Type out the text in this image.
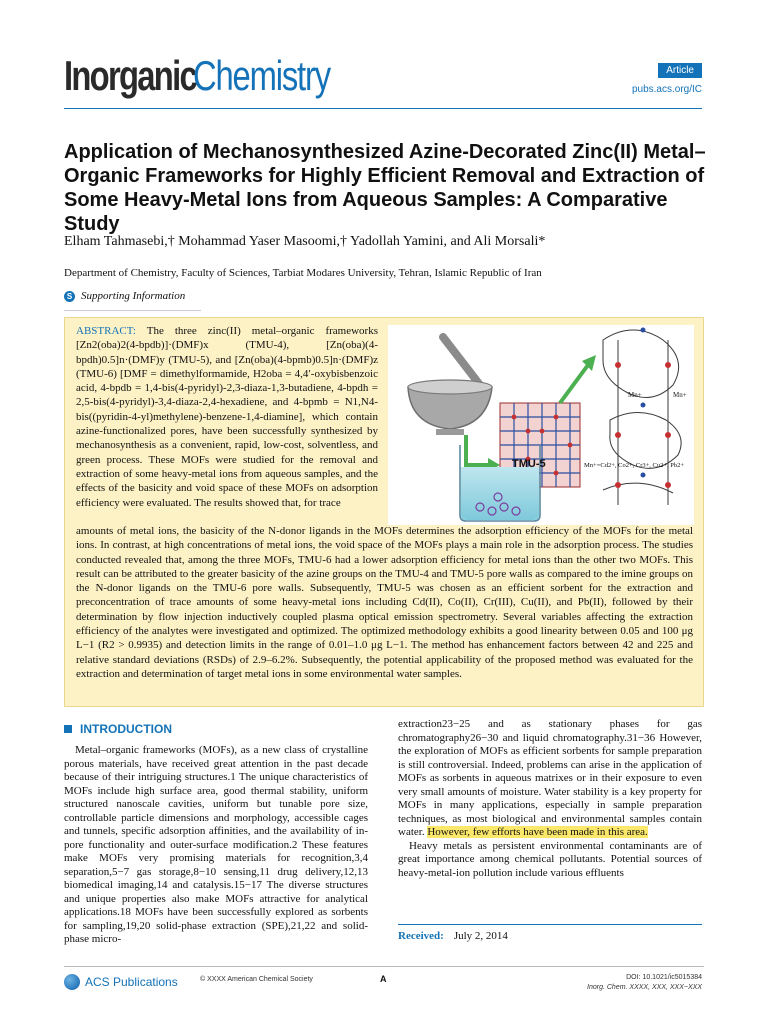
Inorganic
Chemistry	Article
pubs.acs.org/IC
Application of Mechanosynthesized Azine-Decorated Zinc(II) Metal–Organic Frameworks for Highly Efficient Removal and Extraction of Some Heavy-Metal Ions from Aqueous Samples: A Comparative Study
Elham Tahmasebi,† Mohammad Yaser Masoomi,† Yadollah Yamini, and Ali Morsali*
Department of Chemistry, Faculty of Sciences, Tarbiat Modares University, Tehran, Islamic Republic of Iran
S Supporting Information
ABSTRACT: The three zinc(II) metal–organic frameworks [Zn2(oba)2(4-bpdb)]·(DMF)x (TMU-4), [Zn(oba)(4-bpdh)0.5]n·(DMF)y (TMU-5), and [Zn(oba)(4-bpmb)0.5]n·(DMF)z (TMU-6) [DMF = dimethylformamide, H2oba = 4,4′-oxybisbenzoic acid, 4-bpdb = 1,4-bis(4-pyridyl)-2,3-diaza-1,3-butadiene, 4-bpdh = 2,5-bis(4-pyridyl)-3,4-diaza-2,4-hexadiene, and 4-bpmb = N1,N4-bis((pyridin-4-yl)methylene)-benzene-1,4-diamine], which contain azine-functionalized pores, have been successfully synthesized by mechanosynthesis as a convenient, rapid, low-cost, solventless, and green process. These MOFs were studied for the removal and extraction of some heavy-metal ions from aqueous samples, and the effects of the basicity and void space of these MOFs on adsorption efficiency were evaluated. The results showed that, for trace
Mn+	Mn+
TMU-5	Mn+=Cd2+, Co2+, Cr3+, Cu2+, Pb2+
amounts of metal ions, the basicity of the N-donor ligands in the MOFs determines the adsorption efficiency of the MOFs for the metal ions. In contrast, at high concentrations of metal ions, the void space of the MOFs plays a main role in the adsorption process. The studies conducted revealed that, among the three MOFs, TMU-6 had a lower adsorption efficiency for metal ions than the other two MOFs. This result can be attributed to the greater basicity of the azine groups on the TMU-4 and TMU-5 pore walls as compared to the imine groups on the N-donor ligands on the TMU-6 pore walls. Subsequently, TMU-5 was chosen as an efficient sorbent for the extraction and preconcentration of trace amounts of some heavy-metal ions including Cd(II), Co(II), Cr(III), Cu(II), and Pb(II), followed by their determination by flow injection inductively coupled plasma optical emission spectrometry. Several variables affecting the extraction efficiency of the analytes were investigated and optimized. The optimized methodology exhibits a good linearity between 0.05 and 100 μg L−1 (R2 > 0.9935) and detection limits in the range of 0.01–1.0 μg L−1. The method has enhancement factors between 42 and 225 and relative standard deviations (RSDs) of 2.9–6.2%. Subsequently, the potential applicability of the proposed method was evaluated for the extraction and determination of target metal ions in some environmental water samples.
INTRODUCTION

Metal–organic frameworks (MOFs), as a new class of crystalline porous materials, have received great attention in the past decade because of their intriguing structures.1 The unique characteristics of MOFs include high surface area, good thermal stability, uniform structured nanoscale cavities, uniform but tunable pore size, controllable particle dimensions and morphology, accessible cages and tunnels, specific adsorption affinities, and the availability of in-pore functionality and outer-surface modification.2 These features make MOFs very promising materials for recognition,3,4 separation,5−7 gas storage,8−10 sensing,11 drug delivery,12,13 biomedical imaging,14 and catalysis.15−17 The diverse structures and unique properties also make MOFs attractive for analytical applications.18 MOFs have been successfully explored as sorbents for sampling,19,20 solid-phase extraction (SPE),21,22 and solid-phase micro-

extraction23−25 and as stationary phases for gas chromatography26−30 and liquid chromatography.31−36 However, the exploration of MOFs as efficient sorbents for sample preparation is still controversial. Indeed, problems can arise in the application of MOFs as sorbents in aqueous matrixes or in their exposure to even very small amounts of moisture. Water stability is a key property for MOFs in many applications, especially in sample preparation techniques, as most biological and environmental samples contain water. However, few efforts have been made in this area.

Heavy metals as persistent environmental contaminants are of great importance among chemical pollutants. Potential sources of heavy-metal-ion pollution include various effluents

Received: July 2, 2014
ACS Publications	© XXXX American Chemical Society	A	DOI: 10.1021/ic5015384
Inorg. Chem. XXXX, XXX, XXX−XXX
